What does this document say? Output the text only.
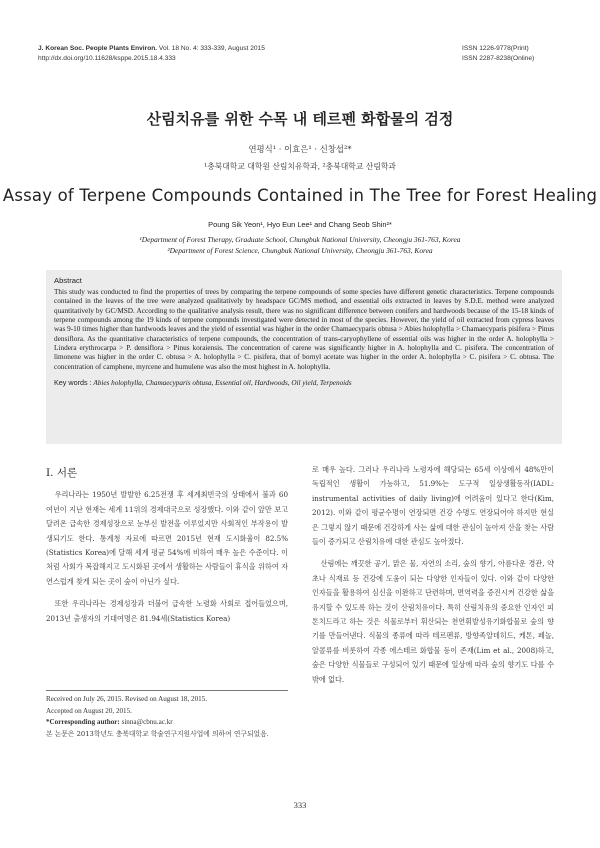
J. Korean Soc. People Plants Environ. Vol. 18 No. 4: 333-339, August 2015
http://dx.doi.org/10.11628/ksppe.2015.18.4.333
ISSN 1226-9778(Print)
ISSN 2287-8238(Online)
산림치유를 위한 수목 내 테르펜 화합물의 검정
연평식¹ · 이효은¹ · 신창섭²*
¹충북대학교 대학원 산림치유학과, ²충북대학교 산림학과
Assay of Terpene Compounds Contained in The Tree for Forest Healing
Poung Sik Yeon¹, Hyo Eun Lee¹ and Chang Seob Shin²*
¹Department of Forest Therapy, Graduate School, Chungbuk National University, Cheongju 361-763, Korea
²Department of Forest Science, Chungbuk National University, Cheongju 361-763, Korea
Abstract
This study was conducted to find the properties of trees by comparing the terpene compounds of some species have different genetic characteristics. Terpene compounds contained in the leaves of the tree were analyzed qualitatively by headspace GC/MS method, and essential oils extracted in leaves by S.D.E. method were analyzed quantitatively by GC/MSD. According to the qualitative analysis result, there was no significant difference between conifers and hardwoods because of the 15-18 kinds of terpene compounds among the 19 kinds of terpene compounds investigated were detected in most of the species. However, the yield of oil extracted from cypress leaves was 9-10 times higher than hardwoods leaves and the yield of essential was higher in the order Chamaecyparis obtusa > Abies holophylla > Chamaecyparis pisifera > Pinus densiflora. As the quantitative characteristics of terpene compounds, the concentration of trans-caryophyllene of essential oils was higher in the order A. holophylla > Lindera erythrocarpa > P. densiflora > Pinus koraiensis. The concentration of carene was significantly higher in A. holophylla and C. pisifera. The concentration of limonene was higher in the order C. obtusa > A. holophylla > C. pisifera, that of bornyl acetate was higher in the order A. holophylla > C. pisifera > C. obtusa. The concentration of camphene, myrcene and humulene was also the most highest in A. holophylla.
Key words : Abies holophylla, Chamaecyparis obtusa, Essential oil, Hardwoods, Oil yield, Terpenoids
Ⅰ. 서론

우리나라는 1950년 발발한 6.25전쟁 후 세계최빈국의 상태에서 불과 60여년이 지난 현재는 세계 11위의 경제대국으로 성장했다. 이와 같이 앞만 보고 달려온 급속한 경제성장으로 눈부신 발전을 이루었지만 사회적인 부작용이 발생되기도 한다. 통계청 자료에 따르면 2015년 현재 도시화율이 82.5%(Statistics Korea)에 달해 세계 평균 54%에 비하여 매우 높은 수준이다. 이처럼 사회가 복잡해지고 도시화된 곳에서 생활하는 사람들이 휴식을 위하여 자연스럽게 찾게 되는 곳이 숲이 아닌가 싶다.

또한 우리나라는 경제성장과 더불어 급속한 노령화 사회로 접어들었으며, 2013년 출생자의 기대여명은 81.94세(Statistics Korea)

Received on July 26, 2015. Revised on August 18, 2015.
Accepted on August 20, 2015.
*Corresponding author: sinna@cbnu.ac.kr
본 논문은 2013학년도 충북대학교 학술연구지원사업에 의하여 연구되었음.

로 매우 높다. 그러나 우리나라 노령자에 해당되는 65세 이상에서 48%만이 독립적인 생활이 가능하고, 51.9%는 도구적 일상생활동작(IADL: instrumental activities of daily living)에 어려움이 있다고 한다(Kim, 2012). 이와 같이 평균수명이 연장되면 건강 수명도 연장되어야 하지만 현실은 그렇지 않기 때문에 건강하게 사는 삶에 대한 관심이 높아져 산을 찾는 사람들이 증가되고 산림치유에 대한 관심도 높아졌다.

산림에는 깨끗한 공기, 맑은 물, 자연의 소리, 숲의 향기, 아름다운 경관, 약초나 식재료 등 건강에 도움이 되는 다양한 인자들이 있다. 이와 같이 다양한 인자들을 활용하여 심신을 이완하고 단련하며, 면역력을 증진시켜 건강한 삶을 유지할 수 있도록 하는 것이 산림치유이다. 특히 산림치유의 중요한 인자인 피톤치드라고 하는 것은 식물로부터 휘산되는 천연휘발성유기화합물로 숲의 향기를 만들어낸다. 식물의 종류에 따라 테르펜류, 방향족알데히드, 케톤, 페놀, 알콜류를 비롯하여 각종 에스테르 화합물 등이 존재(Lim et al., 2008)하고, 숲은 다양한 식물들로 구성되어 있기 때문에 일상에 따라 숲의 향기도 다를 수밖에 없다.

333
